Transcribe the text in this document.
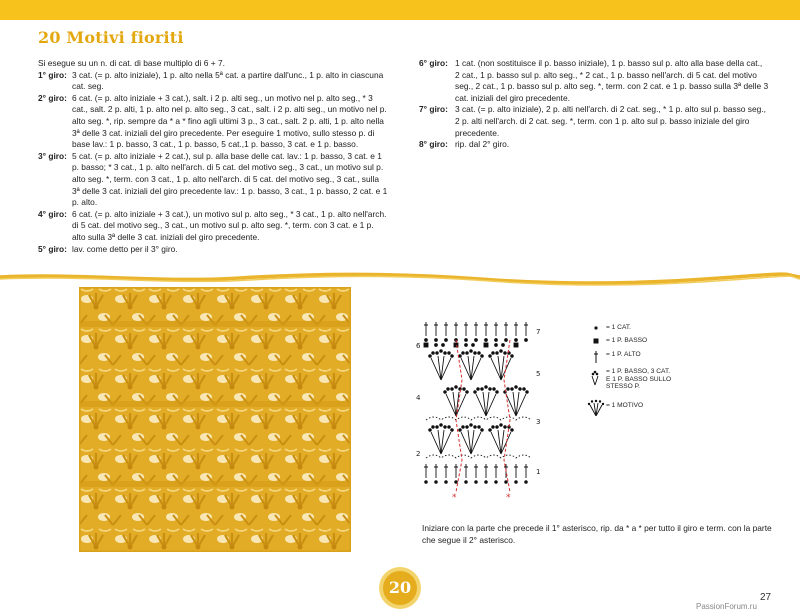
20 Motivi fioriti
Si esegue su un n. di cat. di base multiplo di 6 + 7.
1° giro: 3 cat. (= p. alto iniziale), 1 p. alto nella 5ª cat. a partire dall'unc., 1 p. alto in ciascuna cat. seg.
2° giro: 6 cat. (= p. alto iniziale + 3 cat.), salt. i 2 p. alti seg., un motivo nel p. alto seg., * 3 cat., salt. 2 p. alti, 1 p. alto nel p. alto seg., 3 cat., salt. i 2 p. alti seg., un motivo nel p. alto seg. *, rip. sempre da * a * fino agli ultimi 3 p., 3 cat., salt. 2 p. alti, 1 p. alto nella 3ª delle 3 cat. iniziali del giro precedente. Per eseguire 1 motivo, sullo stesso p. di base lav.: 1 p. basso, 3 cat., 1 p. basso, 5 cat.,1 p. basso, 3 cat. e 1 p. basso.
3° giro: 5 cat. (= p. alto iniziale + 2 cat.), sul p. alla base delle cat. lav.: 1 p. basso, 3 cat. e 1 p. basso; * 3 cat., 1 p. alto nell'arch. di 5 cat. del motivo seg., 3 cat., un motivo sul p. alto seg. *, term. con 3 cat., 1 p. alto nell'arch. di 5 cat. del motivo seg., 3 cat., sulla 3ª delle 3 cat. iniziali del giro precedente lav.: 1 p. basso, 3 cat., 1 p. basso, 2 cat. e 1 p. alto.
4° giro: 6 cat. (= p. alto iniziale + 3 cat.), un motivo sul p. alto seg., * 3 cat., 1 p. alto nell'arch. di 5 cat. del motivo seg., 3 cat., un motivo sul p. alto seg. *, term. con 3 cat. e 1 p. alto sulla 3ª delle 3 cat. iniziali del giro precedente.
5° giro: lav. come detto per il 3° giro.
6° giro: 1 cat. (non sostituisce il p. basso iniziale), 1 p. basso sul p. alto alla base della cat., 2 cat., 1 p. basso sul p. alto seg., * 2 cat., 1 p. basso nell'arch. di 5 cat. del motivo seg., 2 cat., 1 p. basso sul p. alto seg. *, term. con 2 cat. e 1 p. basso sulla 3ª delle 3 cat. iniziali del giro precedente.
7° giro: 3 cat. (= p. alto iniziale), 2 p. alti nell'arch. di 2 cat. seg., * 1 p. alto sul p. basso seg., 2 p. alti nell'arch. di 2 cat. seg. *, term. con 1 p. alto sul p. basso iniziale del giro precedente.
8° giro: rip. dal 2° giro.
*	*
7
6
5
4
3
2
1
= 1 CAT.
= 1 P. BASSO
= 1 P. ALTO
= 1 P. BASSO, 3 CAT.
E 1 P. BASSO SULLO
STESSO P.
= 1 MOTIVO
Iniziare con la parte che precede il 1° asterisco, rip. da * a * per tutto il giro e term. con la parte che segue il 2° asterisco.
20
27
PassionForum.ru
